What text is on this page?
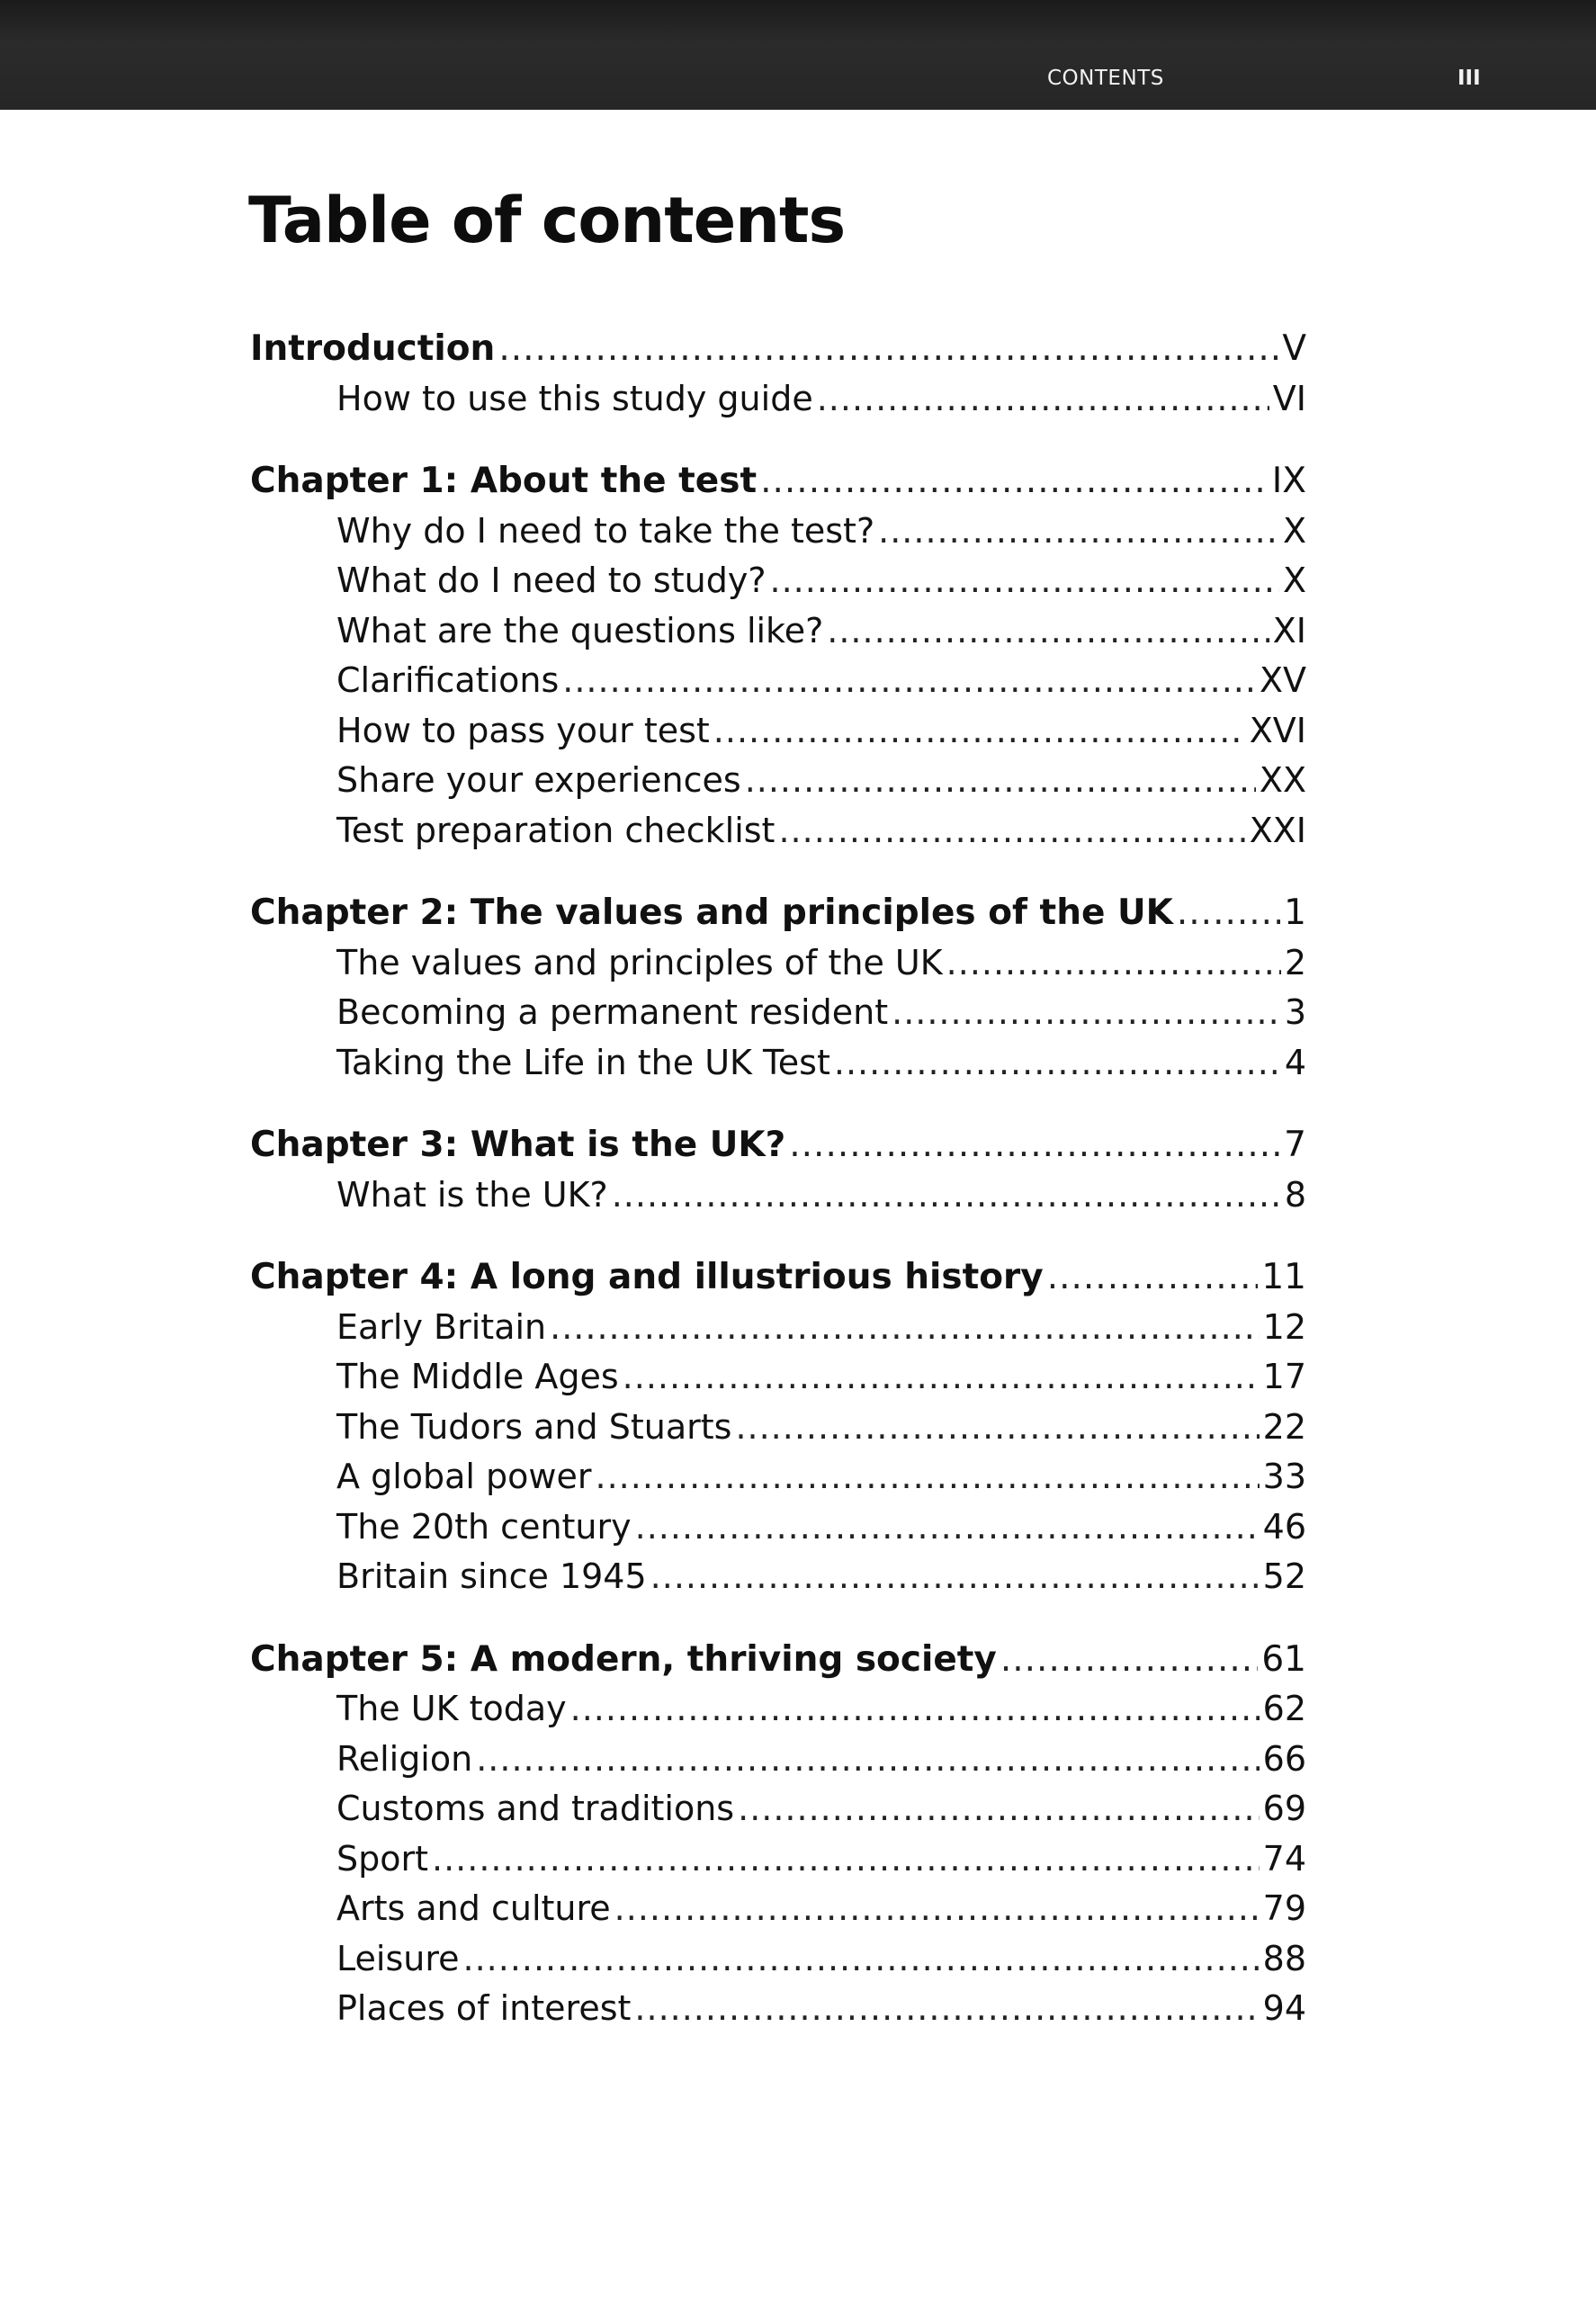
CONTENTS	III
Table of contents
Introduction .....	V
How to use this study guide .....	VI
Chapter 1: About the test .....	IX
Why do I need to take the test? .....	X
What do I need to study? .....	X
What are the questions like? .....	XI
Clarifications .....	XV
How to pass your test .....	XVI
Share your experiences .....	XX
Test preparation checklist .....	XXI
Chapter 2: The values and principles of the UK .....	1
The values and principles of the UK .....	2
Becoming a permanent resident .....	3
Taking the Life in the UK Test .....	4
Chapter 3: What is the UK? .....	7
What is the UK? .....	8
Chapter 4: A long and illustrious history .....	11
Early Britain .....	12
The Middle Ages .....	17
The Tudors and Stuarts .....	22
A global power .....	33
The 20th century .....	46
Britain since 1945 .....	52
Chapter 5: A modern, thriving society .....	61
The UK today .....	62
Religion .....	66
Customs and traditions .....	69
Sport .....	74
Arts and culture .....	79
Leisure .....	88
Places of interest .....	94
